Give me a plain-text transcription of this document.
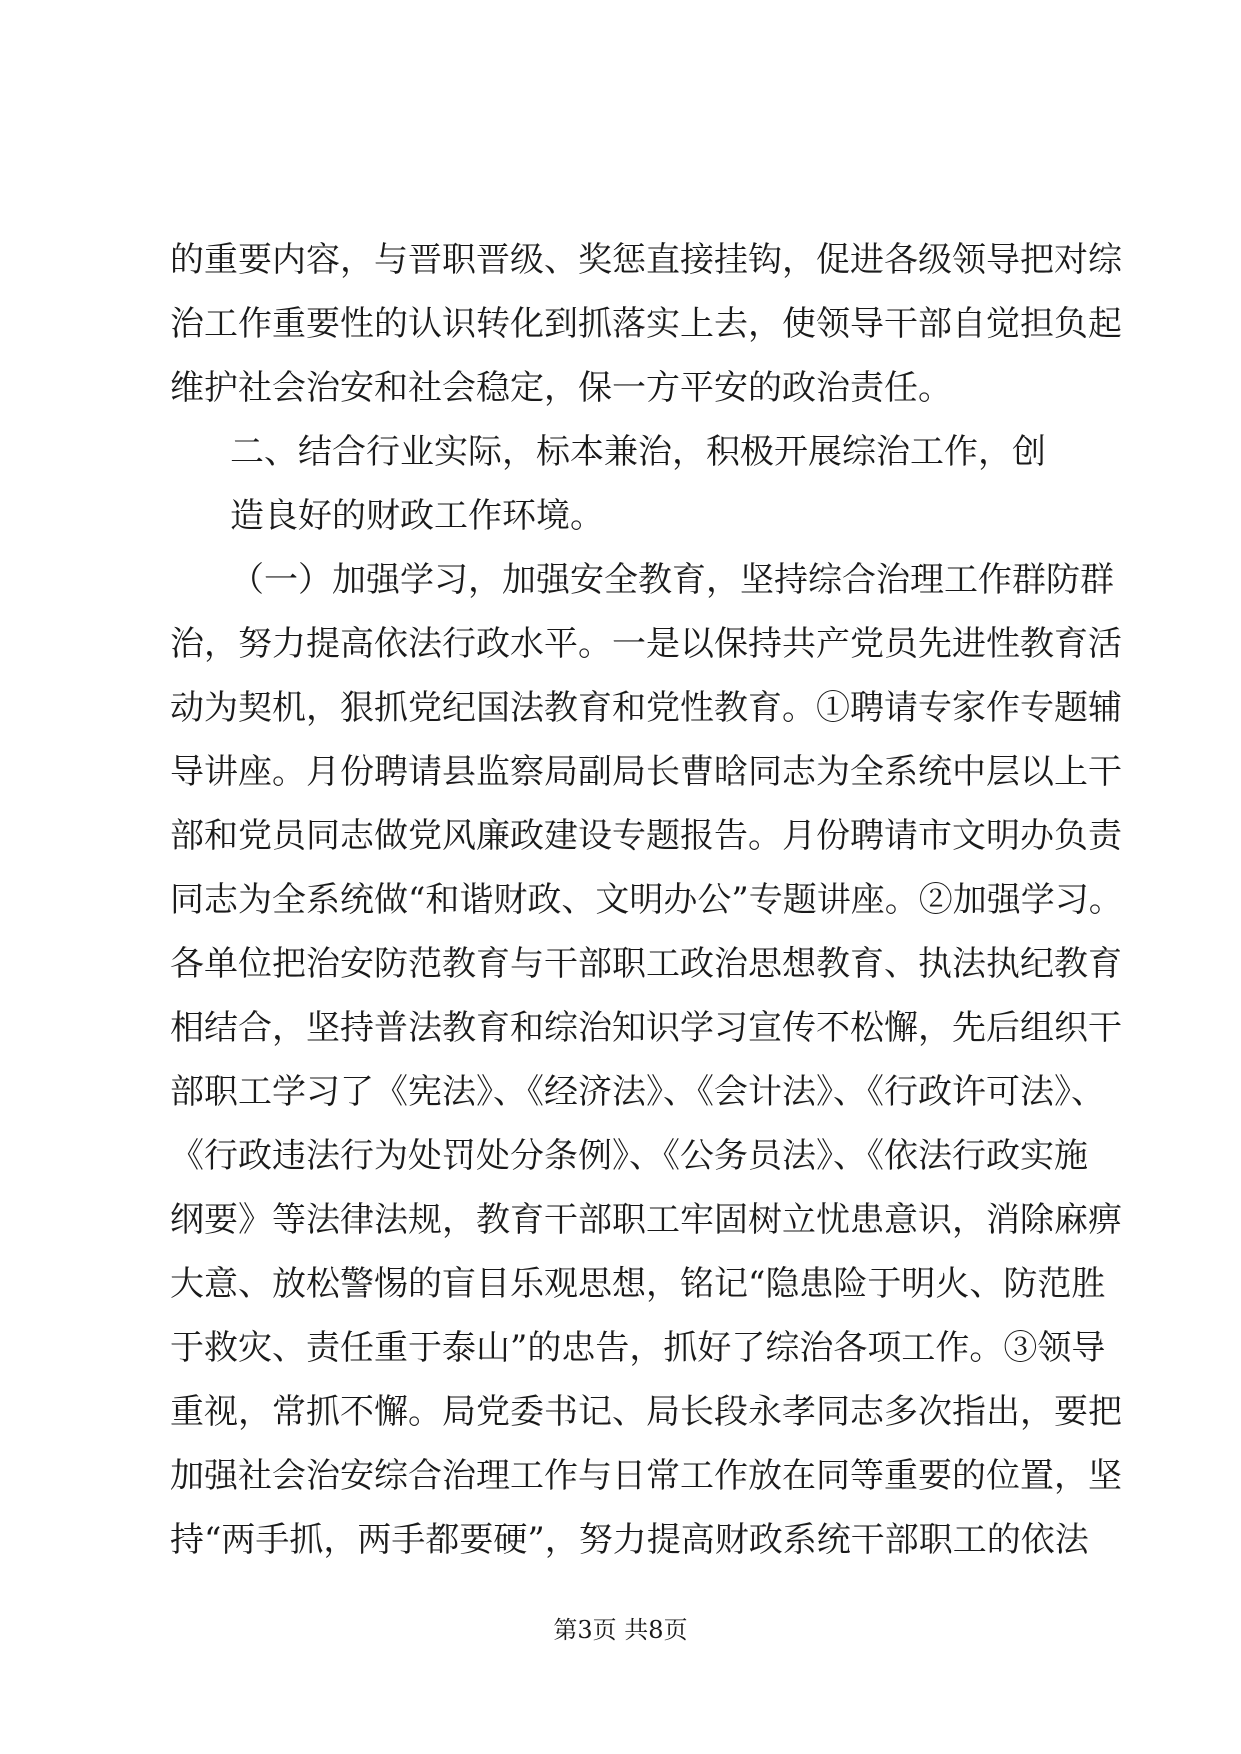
的重要内容，与晋职晋级、奖惩直接挂钩，促进各级领导把对综
治工作重要性的认识转化到抓落实上去，使领导干部自觉担负起
维护社会治安和社会稳定，保一方平安的政治责任。
二、结合行业实际，标本兼治，积极开展综治工作，创
造良好的财政工作环境。
（一）加强学习，加强安全教育，坚持综合治理工作群防群
治，努力提高依法行政水平。一是以保持共产党员先进性教育活
动为契机，狠抓党纪国法教育和党性教育。①聘请专家作专题辅
导讲座。月份聘请县监察局副局长曹晗同志为全系统中层以上干
部和党员同志做党风廉政建设专题报告。月份聘请市文明办负责
同志为全系统做“和谐财政、文明办公”专题讲座。②加强学习。
各单位把治安防范教育与干部职工政治思想教育、执法执纪教育
相结合，坚持普法教育和综治知识学习宣传不松懈，先后组织干
部职工学习了《宪法》、《经济法》、《会计法》、《行政许可法》、
《行政违法行为处罚处分条例》、《公务员法》、《依法行政实施
纲要》等法律法规，教育干部职工牢固树立忧患意识，消除麻痹
大意、放松警惕的盲目乐观思想，铭记“隐患险于明火、防范胜
于救灾、责任重于泰山”的忠告，抓好了综治各项工作。③领导
重视，常抓不懈。局党委书记、局长段永孝同志多次指出，要把
加强社会治安综合治理工作与日常工作放在同等重要的位置，坚
持“两手抓，两手都要硬”，努力提高财政系统干部职工的依法
第3页 共8页
